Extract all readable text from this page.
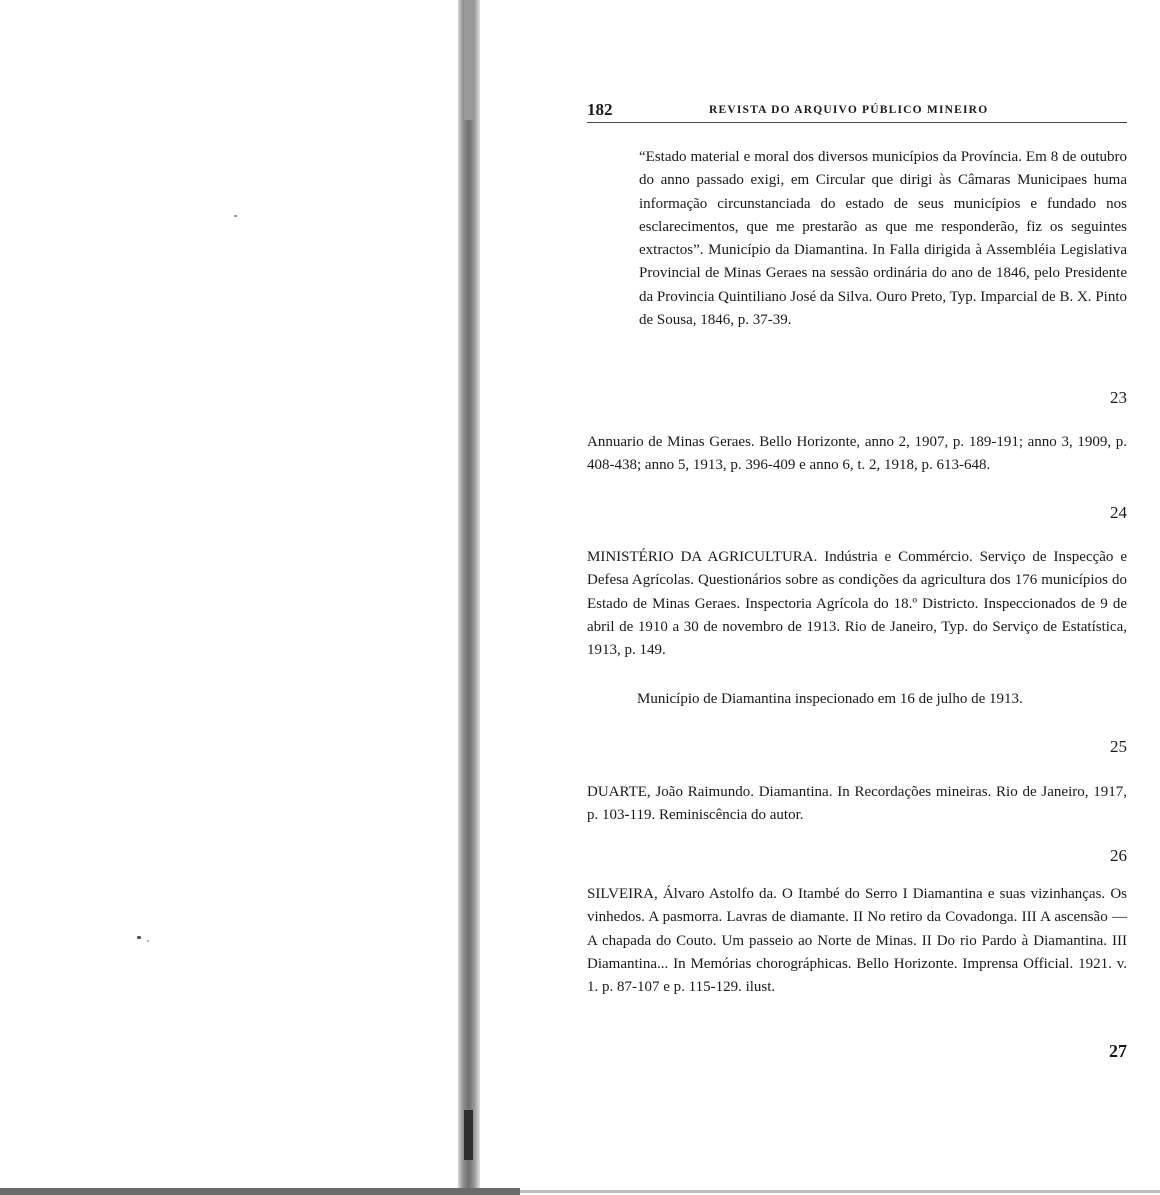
182	REVISTA DO ARQUIVO PÚBLICO MINEIRO

“Estado material e moral dos diversos municípios da Província. Em 8 de outubro do anno passado exigi, em Circular que dirigi às Câmaras Municipaes huma informação circunstanciada do estado de seus municípios e fundado nos esclarecimentos, que me prestarão as que me responderão, fiz os seguintes extractos”. Município da Diamantina. In Falla dirigida à Assembléia Legislativa Provincial de Minas Geraes na sessão ordinária do ano de 1846, pelo Presidente da Provincia Quintiliano José da Silva. Ouro Preto, Typ. Imparcial de B. X. Pinto de Sousa, 1846, p. 37-39.

23

Annuario de Minas Geraes. Bello Horizonte, anno 2, 1907, p. 189-191; anno 3, 1909, p. 408-438; anno 5, 1913, p. 396-409 e anno 6, t. 2, 1918, p. 613-648.

24

MINISTÉRIO DA AGRICULTURA. Indústria e Commércio. Serviço de Inspecção e Defesa Agrícolas. Questionários sobre as condições da agricultura dos 176 municípios do Estado de Minas Geraes. Inspectoria Agrícola do 18.º Districto. Inspeccionados de 9 de abril de 1910 a 30 de novembro de 1913. Rio de Janeiro, Typ. do Serviço de Estatística, 1913, p. 149.

Município de Diamantina inspecionado em 16 de julho de 1913.

25

DUARTE, João Raimundo. Diamantina. In Recordações mineiras. Rio de Janeiro, 1917, p. 103-119. Reminiscência do autor.

26

SILVEIRA, Álvaro Astolfo da. O Itambé do Serro I Diamantina e suas vizinhanças. Os vinhedos. A pasmorra. Lavras de diamante. II No retiro da Covadonga. III A ascensão — A chapada do Couto. Um passeio ao Norte de Minas. II Do rio Pardo à Diamantina. III Diamantina... In Memórias chorográphicas. Bello Horizonte. Imprensa Official. 1921. v. 1. p. 87-107 e p. 115-129. ilust.

27
